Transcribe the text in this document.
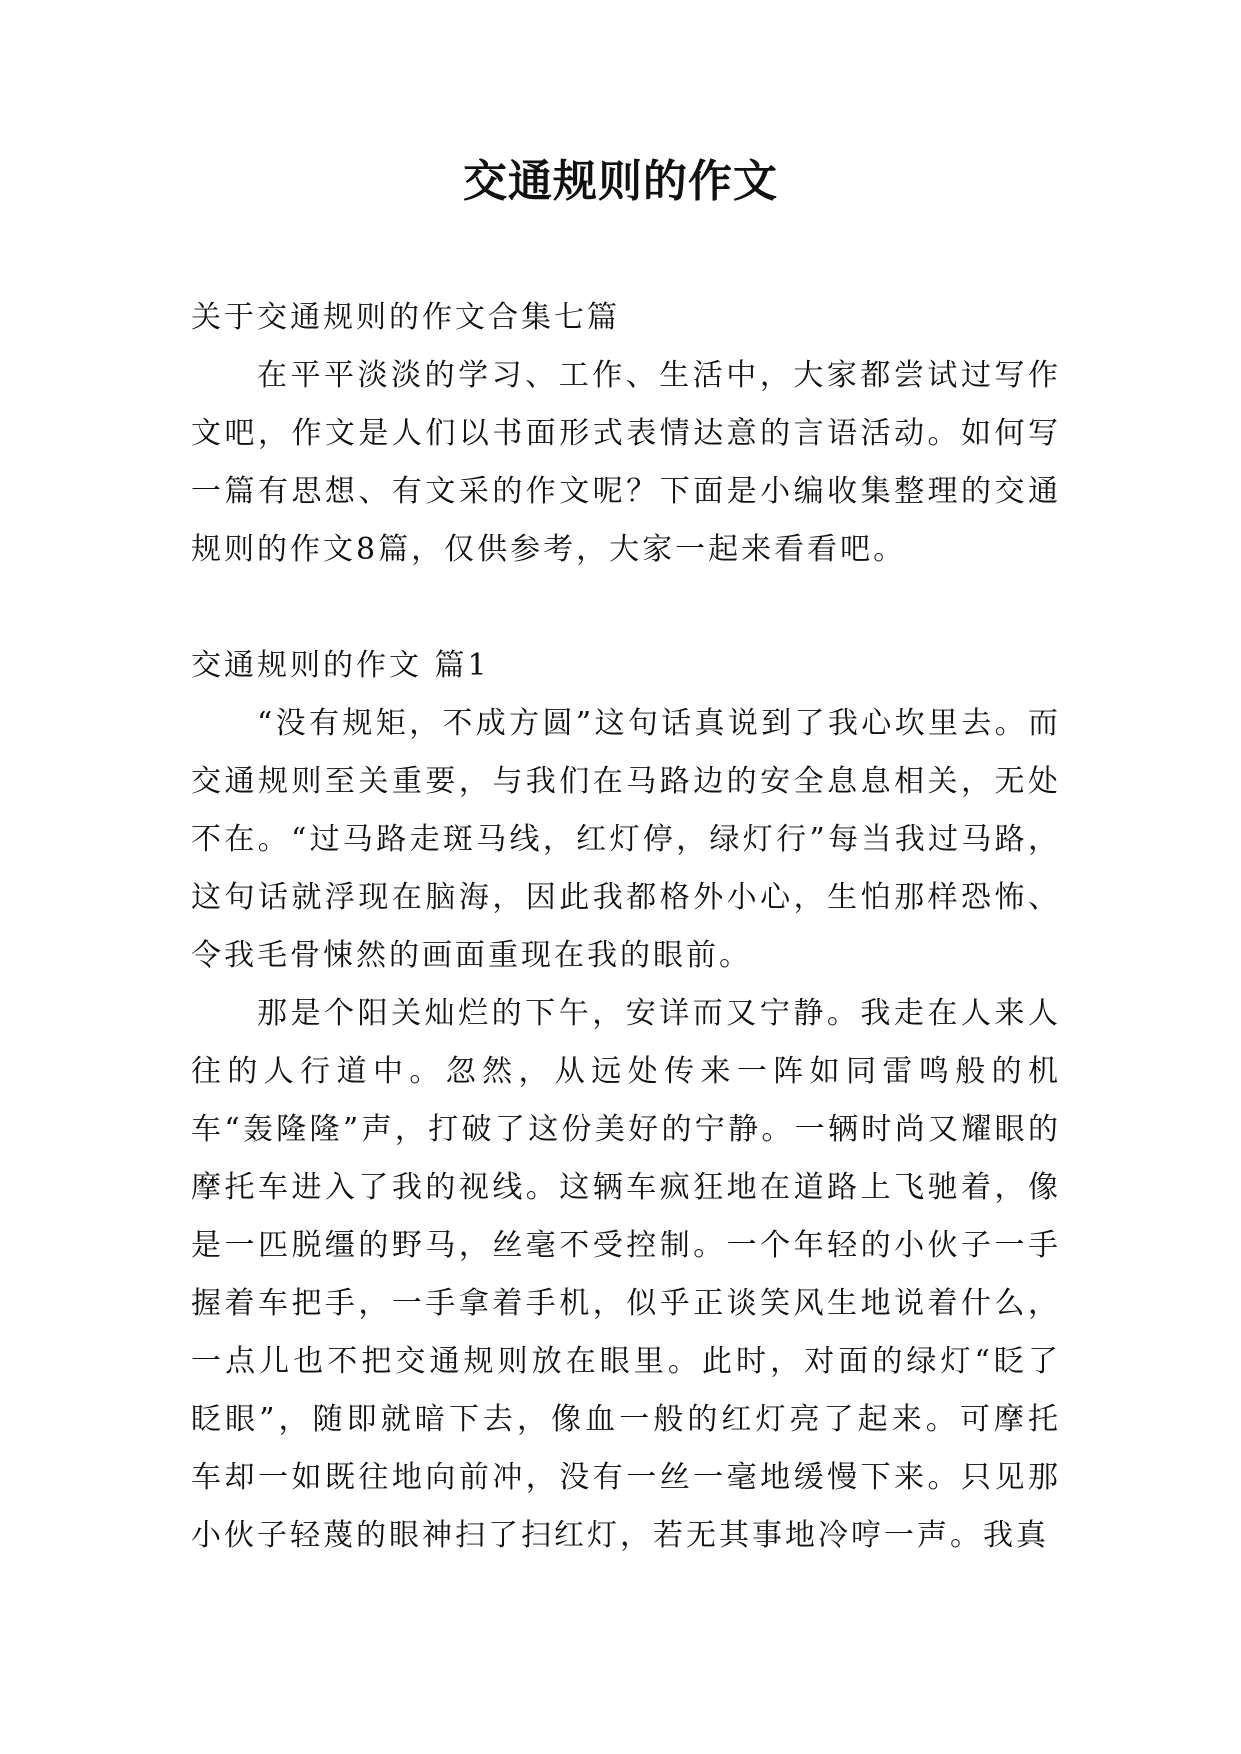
交通规则的作文

关于交通规则的作文合集七篇

在平平淡淡的学习、工作、生活中，大家都尝试过写作文吧，作文是人们以书面形式表情达意的言语活动。如何写一篇有思想、有文采的作文呢？下面是小编收集整理的交通规则的作文8篇，仅供参考，大家一起来看看吧。

交通规则的作文 篇1

“没有规矩，不成方圆”这句话真说到了我心坎里去。而交通规则至关重要，与我们在马路边的安全息息相关，无处不在。“过马路走斑马线，红灯停，绿灯行”每当我过马路，这句话就浮现在脑海，因此我都格外小心，生怕那样恐怖、令我毛骨悚然的画面重现在我的眼前。

那是个阳关灿烂的下午，安详而又宁静。我走在人来人往的人行道中。忽然，从远处传来一阵如同雷鸣般的机车“轰隆隆”声，打破了这份美好的宁静。一辆时尚又耀眼的摩托车进入了我的视线。这辆车疯狂地在道路上飞驰着，像是一匹脱缰的野马，丝毫不受控制。一个年轻的小伙子一手握着车把手，一手拿着手机，似乎正谈笑风生地说着什么，一点儿也不把交通规则放在眼里。此时，对面的绿灯“眨了眨眼”，随即就暗下去，像血一般的红灯亮了起来。可摩托车却一如既往地向前冲，没有一丝一毫地缓慢下来。只见那小伙子轻蔑的眼神扫了扫红灯，若无其事地冷哼一声。我真
